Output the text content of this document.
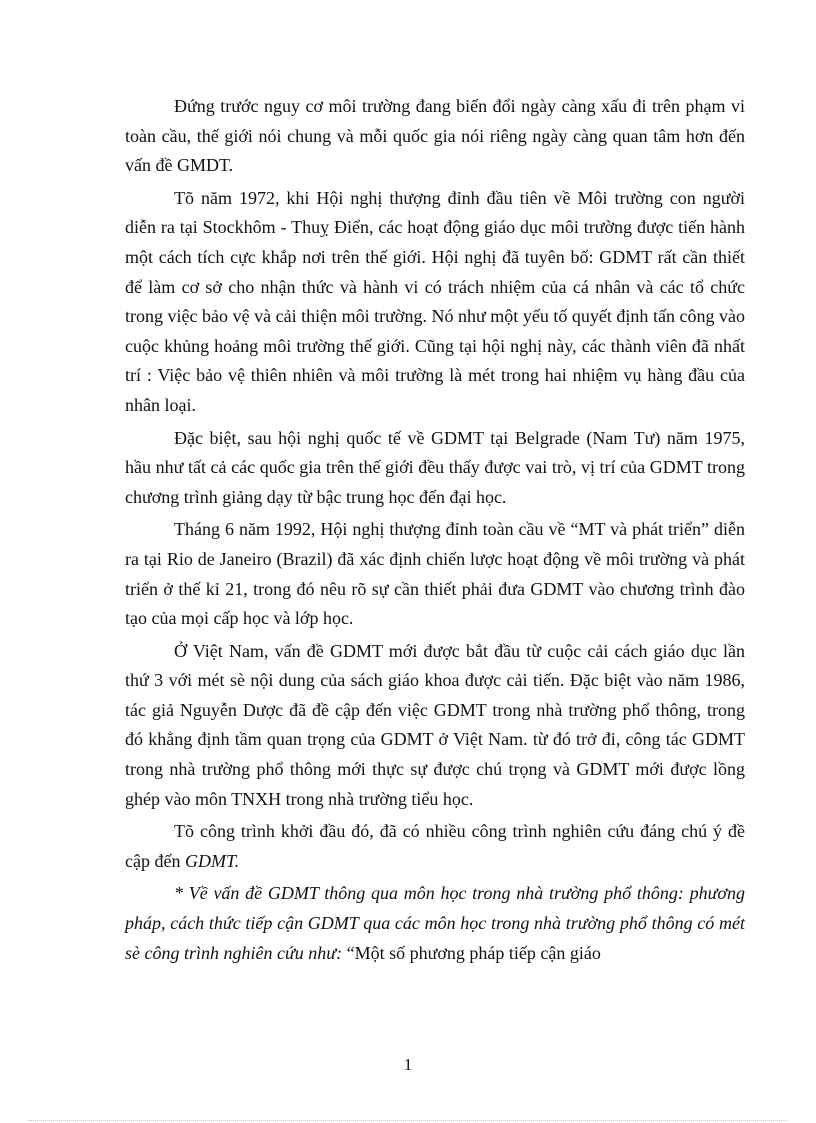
Đứng trước nguy cơ môi trường đang biến đổi ngày càng xấu đi trên phạm vi toàn cầu, thế giới nói chung và mỗi quốc gia nói riêng ngày càng quan tâm hơn đến vấn đề GMDT.

Tõ năm 1972, khi Hội nghị thượng đỉnh đầu tiên về Môi trường con người diễn ra tại Stockhôm - Thuỵ Điển, các hoạt động giáo dục môi trường được tiến hành một cách tích cực khắp nơi trên thế giới. Hội nghị đã tuyên bố: GDMT rất cần thiết để làm cơ sở cho nhận thức và hành vi có trách nhiệm của cá nhân và các tổ chức trong việc bảo vệ và cải thiện môi trường. Nó như một yếu tố quyết định tấn công vào cuộc khủng hoảng môi trường thế giới. Cũng tại hội nghị này, các thành viên đã nhất trí : Việc bảo vệ thiên nhiên và môi trường là mét trong hai nhiệm vụ hàng đầu của nhân loại.

Đặc biệt, sau hội nghị quốc tế về GDMT tại Belgrade (Nam Tư) năm 1975, hầu như tất cả các quốc gia trên thế giới đều thấy được vai trò, vị trí của GDMT trong chương trình giảng dạy từ bậc trung học đến đại học.

Tháng 6 năm 1992, Hội nghị thượng đỉnh toàn cầu về “MT và phát triển” diễn ra tại Rio de Janeiro (Brazil) đã xác định chiến lược hoạt động về môi trường và phát triển ở thế kỉ 21, trong đó nêu rõ sự cần thiết phải đưa GDMT vào chương trình đào tạo của mọi cấp học và lớp học.

Ở Việt Nam, vấn đề GDMT mới được bắt đầu từ cuộc cải cách giáo dục lần thứ 3 với mét sè nội dung của sách giáo khoa được cải tiến. Đặc biệt vào năm 1986, tác giả Nguyễn Dược đã đề cập đến việc GDMT trong nhà trường phổ thông, trong đó khẳng định tầm quan trọng của GDMT ở Việt Nam. từ đó trở đi, công tác GDMT trong nhà trường phổ thông mới thực sự được chú trọng và GDMT mới được lồng ghép vào môn TNXH trong nhà trường tiểu học.

Tõ công trình khởi đầu đó, đã có nhiều công trình nghiên cứu đáng chú ý đề cập đến GDMT.

* Về vấn đề GDMT thông qua môn học trong nhà trường phổ thông: phương pháp, cách thức tiếp cận GDMT qua các môn học trong nhà trường phổ thông có mét sè công trình nghiên cứu như: “Một số phương pháp tiếp cận giáo

1
